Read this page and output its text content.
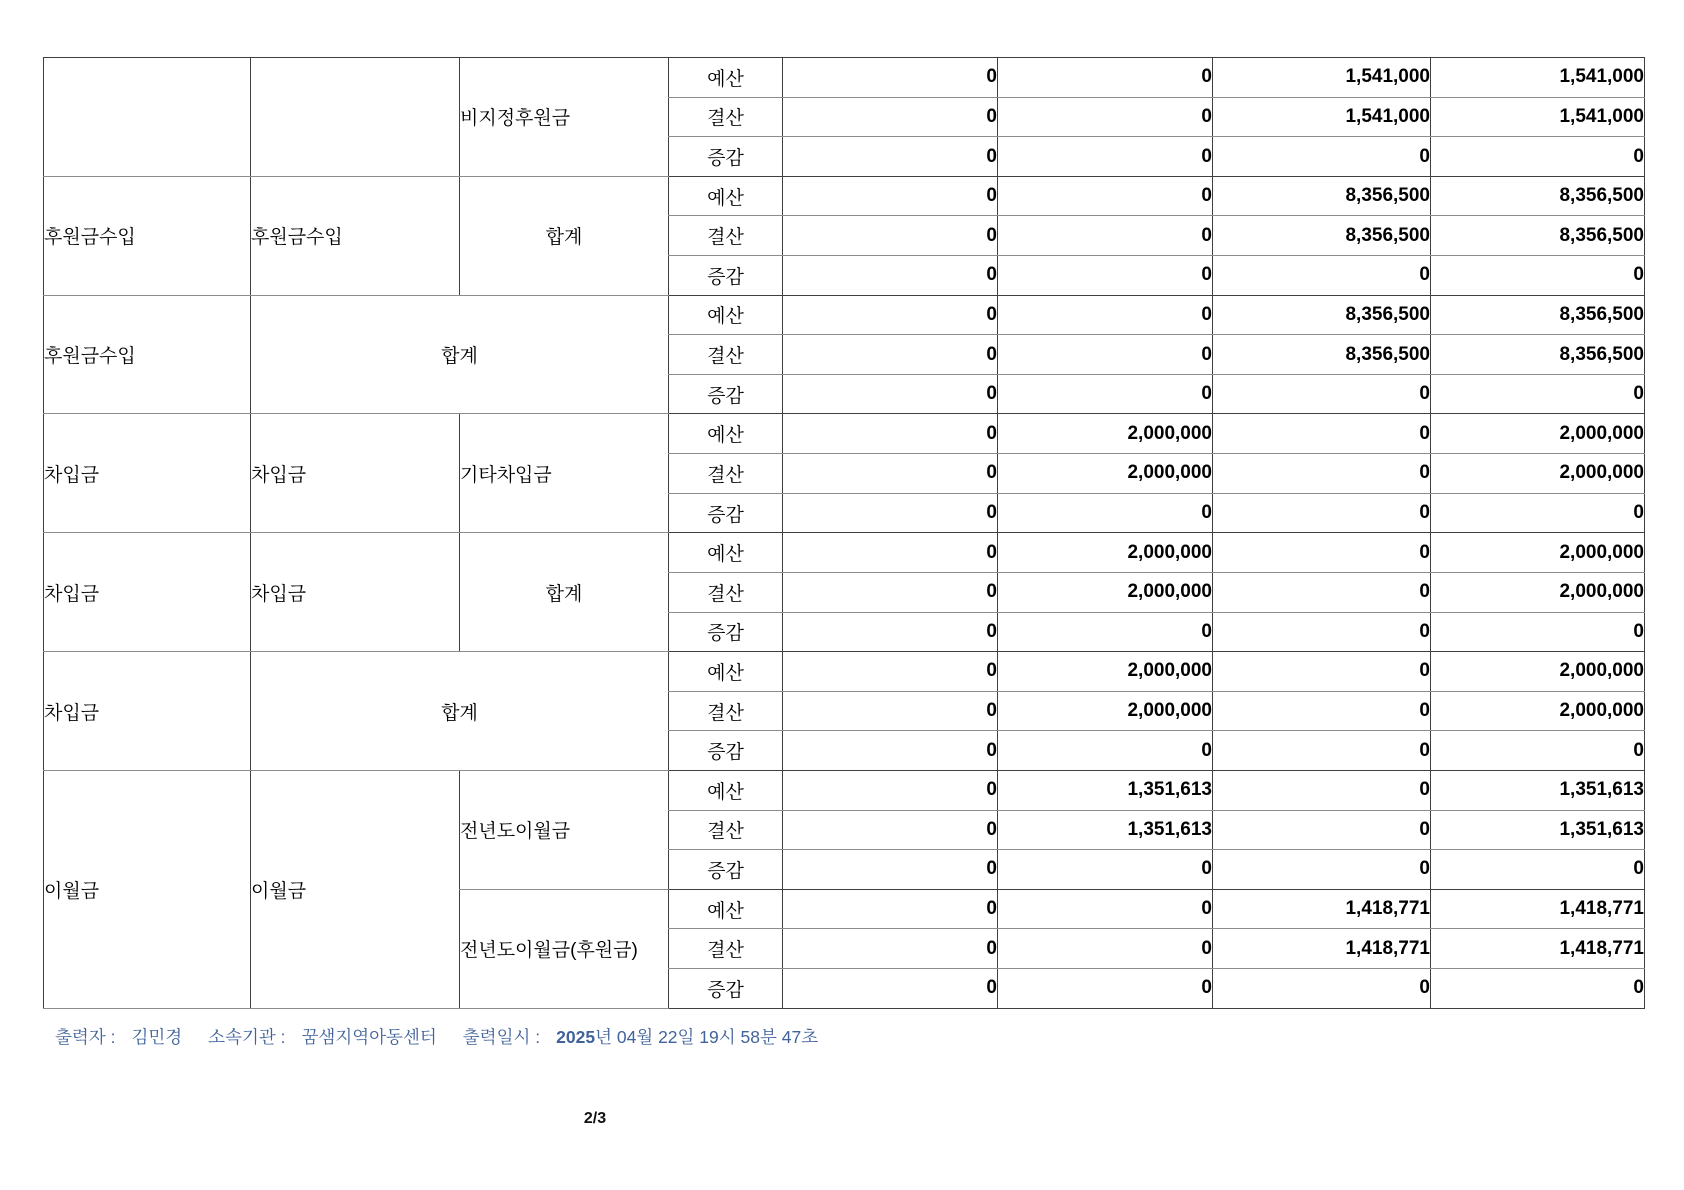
		비지정후원금	예산	0	0	1,541,000	1,541,000
			결산	0	0	1,541,000	1,541,000
			증감	0	0	0	0
후원금수입	후원금수입	합계	예산	0	0	8,356,500	8,356,500
			결산	0	0	8,356,500	8,356,500
			증감	0	0	0	0
후원금수입	합계		예산	0	0	8,356,500	8,356,500
			결산	0	0	8,356,500	8,356,500
			증감	0	0	0	0
차입금	차입금	기타차입금	예산	0	2,000,000	0	2,000,000
			결산	0	2,000,000	0	2,000,000
			증감	0	0	0	0
차입금	차입금	합계	예산	0	2,000,000	0	2,000,000
			결산	0	2,000,000	0	2,000,000
			증감	0	0	0	0
차입금	합계		예산	0	2,000,000	0	2,000,000
			결산	0	2,000,000	0	2,000,000
			증감	0	0	0	0
이월금	이월금	전년도이월금	예산	0	1,351,613	0	1,351,613
			결산	0	1,351,613	0	1,351,613
			증감	0	0	0	0
		전년도이월금(후원금)	예산	0	0	1,418,771	1,418,771
			결산	0	0	1,418,771	1,418,771
			증감	0	0	0	0
출력자 : 김민경 소속기관 : 꿈샘지역아동센터 출력일시 : 2025년 04월 22일 19시 58분 47초
2/3
